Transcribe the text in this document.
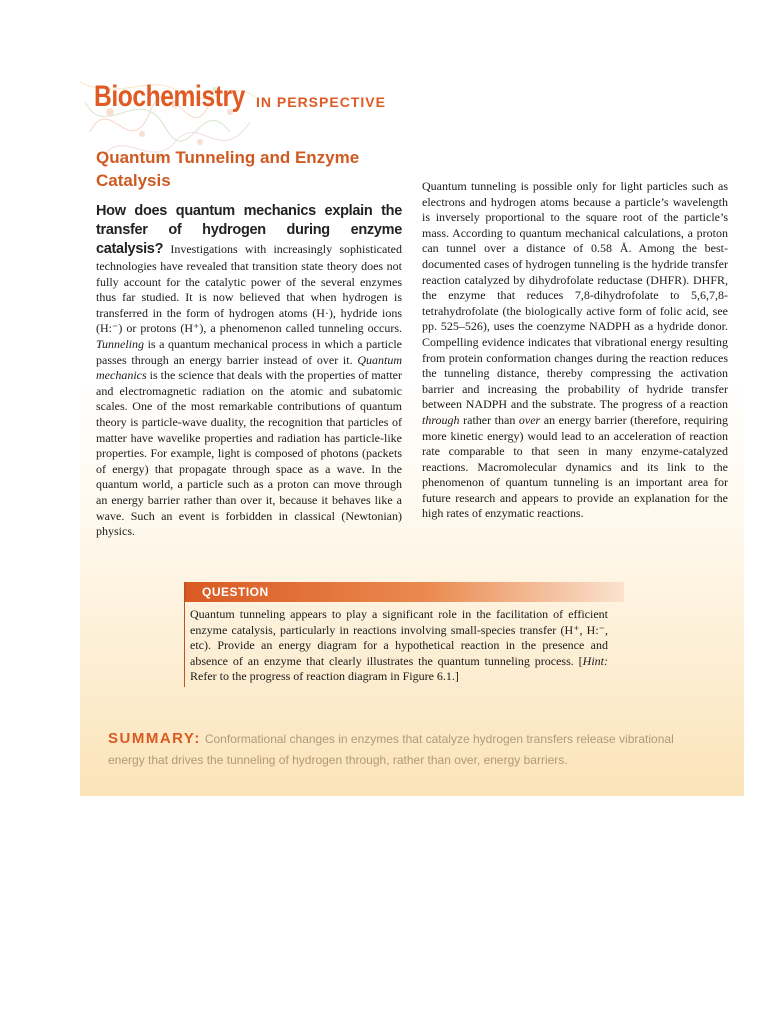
Biochemistry IN PERSPECTIVE
Quantum Tunneling and Enzyme Catalysis

How does quantum mechanics explain the transfer of hydrogen during enzyme catalysis? Investigations with increasingly sophisticated technologies have revealed that transition state theory does not fully account for the catalytic power of the several enzymes thus far studied. It is now believed that when hydrogen is transferred in the form of hydrogen atoms (H·), hydride ions (H:⁻) or protons (H⁺), a phenomenon called tunneling occurs. Tunneling is a quantum mechanical process in which a particle passes through an energy barrier instead of over it. Quantum mechanics is the science that deals with the properties of matter and electromagnetic radiation on the atomic and subatomic scales. One of the most remarkable contributions of quantum theory is particle-wave duality, the recognition that particles of matter have wavelike properties and radiation has particle-like properties. For example, light is composed of photons (packets of energy) that propagate through space as a wave. In the quantum world, a particle such as a proton can move through an energy barrier rather than over it, because it behaves like a wave. Such an event is forbidden in classical (Newtonian) physics.

Quantum tunneling is possible only for light particles such as electrons and hydrogen atoms because a particle’s wavelength is inversely proportional to the square root of the particle’s mass. According to quantum mechanical calculations, a proton can tunnel over a distance of 0.58 Å. Among the best-documented cases of hydrogen tunneling is the hydride transfer reaction catalyzed by dihydrofolate reductase (DHFR). DHFR, the enzyme that reduces 7,8-dihydrofolate to 5,6,7,8-tetrahydrofolate (the biologically active form of folic acid, see pp. 525–526), uses the coenzyme NADPH as a hydride donor. Compelling evidence indicates that vibrational energy resulting from protein conformation changes during the reaction reduces the tunneling distance, thereby compressing the activation barrier and increasing the probability of hydride transfer between NADPH and the substrate. The progress of a reaction through rather than over an energy barrier (therefore, requiring more kinetic energy) would lead to an acceleration of reaction rate comparable to that seen in many enzyme-catalyzed reactions. Macromolecular dynamics and its link to the phenomenon of quantum tunneling is an important area for future research and appears to provide an explanation for the high rates of enzymatic reactions.

QUESTION
Quantum tunneling appears to play a significant role in the facilitation of efficient enzyme catalysis, particularly in reactions involving small-species transfer (H⁺, H:⁻, etc). Provide an energy diagram for a hypothetical reaction in the presence and absence of an enzyme that clearly illustrates the quantum tunneling process. [Hint: Refer to the progress of reaction diagram in Figure 6.1.]
SUMMARY: Conformational changes in enzymes that catalyze hydrogen transfers release vibrational energy that drives the tunneling of hydrogen through, rather than over, energy barriers.
